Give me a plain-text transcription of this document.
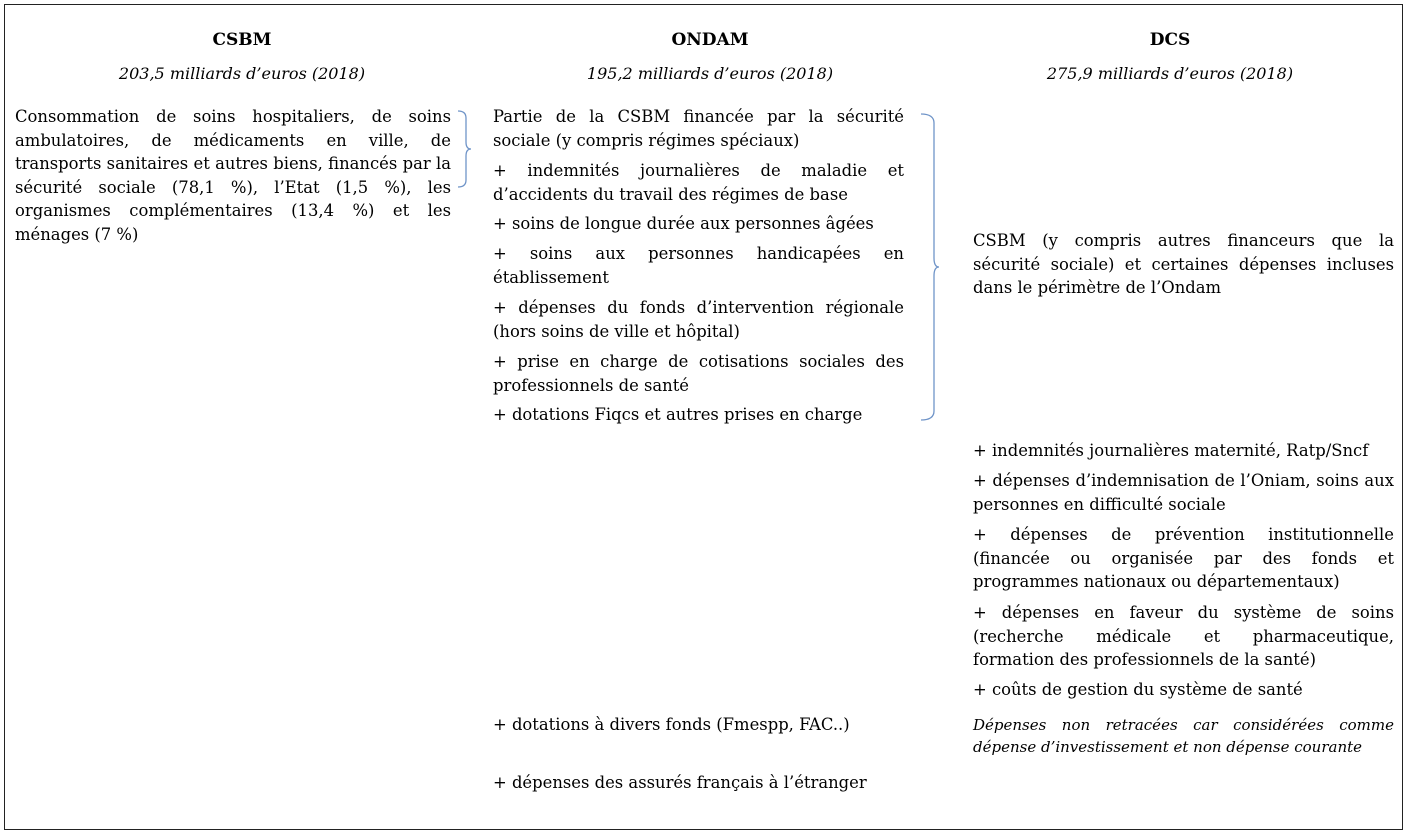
CSBM
203,5 milliards d’euros (2018)
ONDAM
195,2 milliards d’euros (2018)
DCS
275,9 milliards d’euros (2018)
Consommation de soins hospitaliers, de soins ambulatoires, de médicaments en ville, de transports sanitaires et autres biens, financés par la sécurité sociale (78,1 %), l’Etat (1,5 %), les organismes complémentaires (13,4 %) et les ménages (7 %)
Partie de la CSBM financée par la sécurité sociale (y compris régimes spéciaux)
+ indemnités journalières de maladie et d’accidents du travail des régimes de base
+ soins de longue durée aux personnes âgées
+ soins aux personnes handicapées en établissement
+ dépenses du fonds d’intervention régionale (hors soins de ville et hôpital)
+ prise en charge de cotisations sociales des professionnels de santé
+ dotations Fiqcs et autres prises en charge
CSBM (y compris autres financeurs que la sécurité sociale) et certaines dépenses incluses dans le périmètre de l’Ondam
+ indemnités journalières maternité, Ratp/Sncf
+ dépenses d’indemnisation de l’Oniam, soins aux personnes en difficulté sociale
+ dépenses de prévention institutionnelle (financée ou organisée par des fonds et programmes nationaux ou départementaux)
+ dépenses en faveur du système de soins (recherche médicale et pharmaceutique, formation des professionnels de la santé)
+ coûts de gestion du système de santé
+ dotations à divers fonds (Fmespp, FAC..)	Dépenses non retracées car considérées comme dépense d’investissement et non dépense courante
+ dépenses des assurés français à l’étranger
